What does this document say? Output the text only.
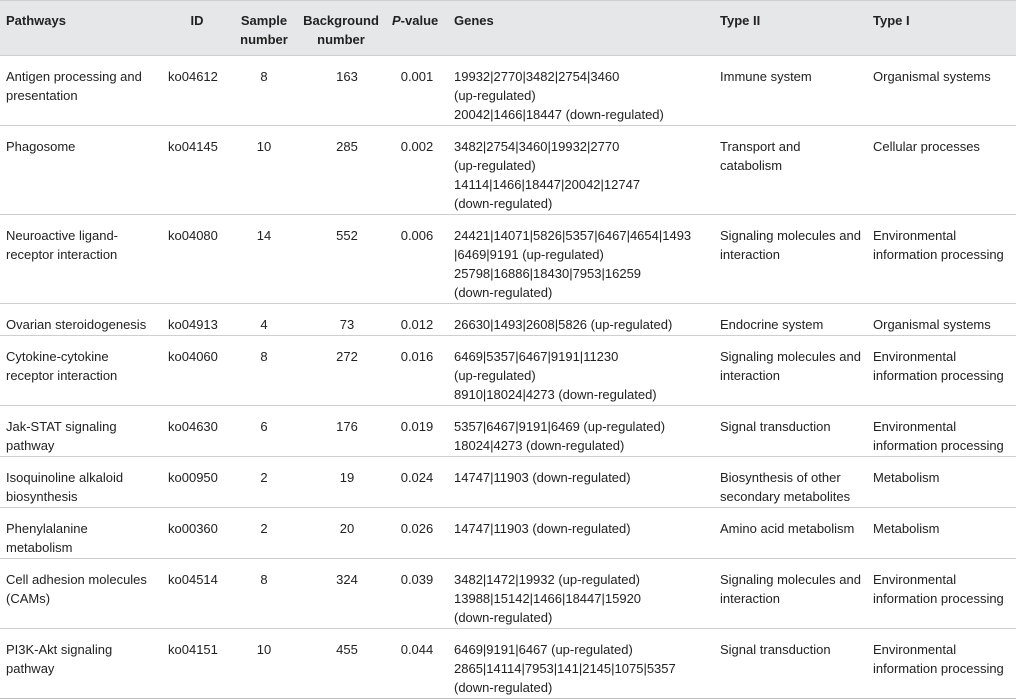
Pathways	ID	Sample number	Background number	P-value	Genes	Type II	Type I
Antigen processing and presentation	ko04612	8	163	0.001	19932|2770|3482|2754|3460
(up-regulated)
20042|1466|18447 (down-regulated)	Immune system	Organismal systems
Phagosome	ko04145	10	285	0.002	3482|2754|3460|19932|2770
(up-regulated)
14114|1466|18447|20042|12747
(down-regulated)	Transport and catabolism	Cellular processes
Neuroactive ligand-receptor interaction	ko04080	14	552	0.006	24421|14071|5826|5357|6467|4654|1493
|6469|9191 (up-regulated)
25798|16886|18430|7953|16259
(down-regulated)	Signaling molecules and interaction	Environmental information processing
Ovarian steroidogenesis	ko04913	4	73	0.012	26630|1493|2608|5826 (up-regulated)	Endocrine system	Organismal systems
Cytokine-cytokine receptor interaction	ko04060	8	272	0.016	6469|5357|6467|9191|11230
(up-regulated)
8910|18024|4273 (down-regulated)	Signaling molecules and interaction	Environmental information processing
Jak-STAT signaling pathway	ko04630	6	176	0.019	5357|6467|9191|6469 (up-regulated)
18024|4273 (down-regulated)	Signal transduction	Environmental information processing
Isoquinoline alkaloid biosynthesis	ko00950	2	19	0.024	14747|11903 (down-regulated)	Biosynthesis of other secondary metabolites	Metabolism
Phenylalanine metabolism	ko00360	2	20	0.026	14747|11903 (down-regulated)	Amino acid metabolism	Metabolism
Cell adhesion molecules (CAMs)	ko04514	8	324	0.039	3482|1472|19932 (up-regulated)
13988|15142|1466|18447|15920
(down-regulated)	Signaling molecules and interaction	Environmental information processing
PI3K-Akt signaling pathway	ko04151	10	455	0.044	6469|9191|6467 (up-regulated)
2865|14114|7953|141|2145|1075|5357
(down-regulated)	Signal transduction	Environmental information processing
